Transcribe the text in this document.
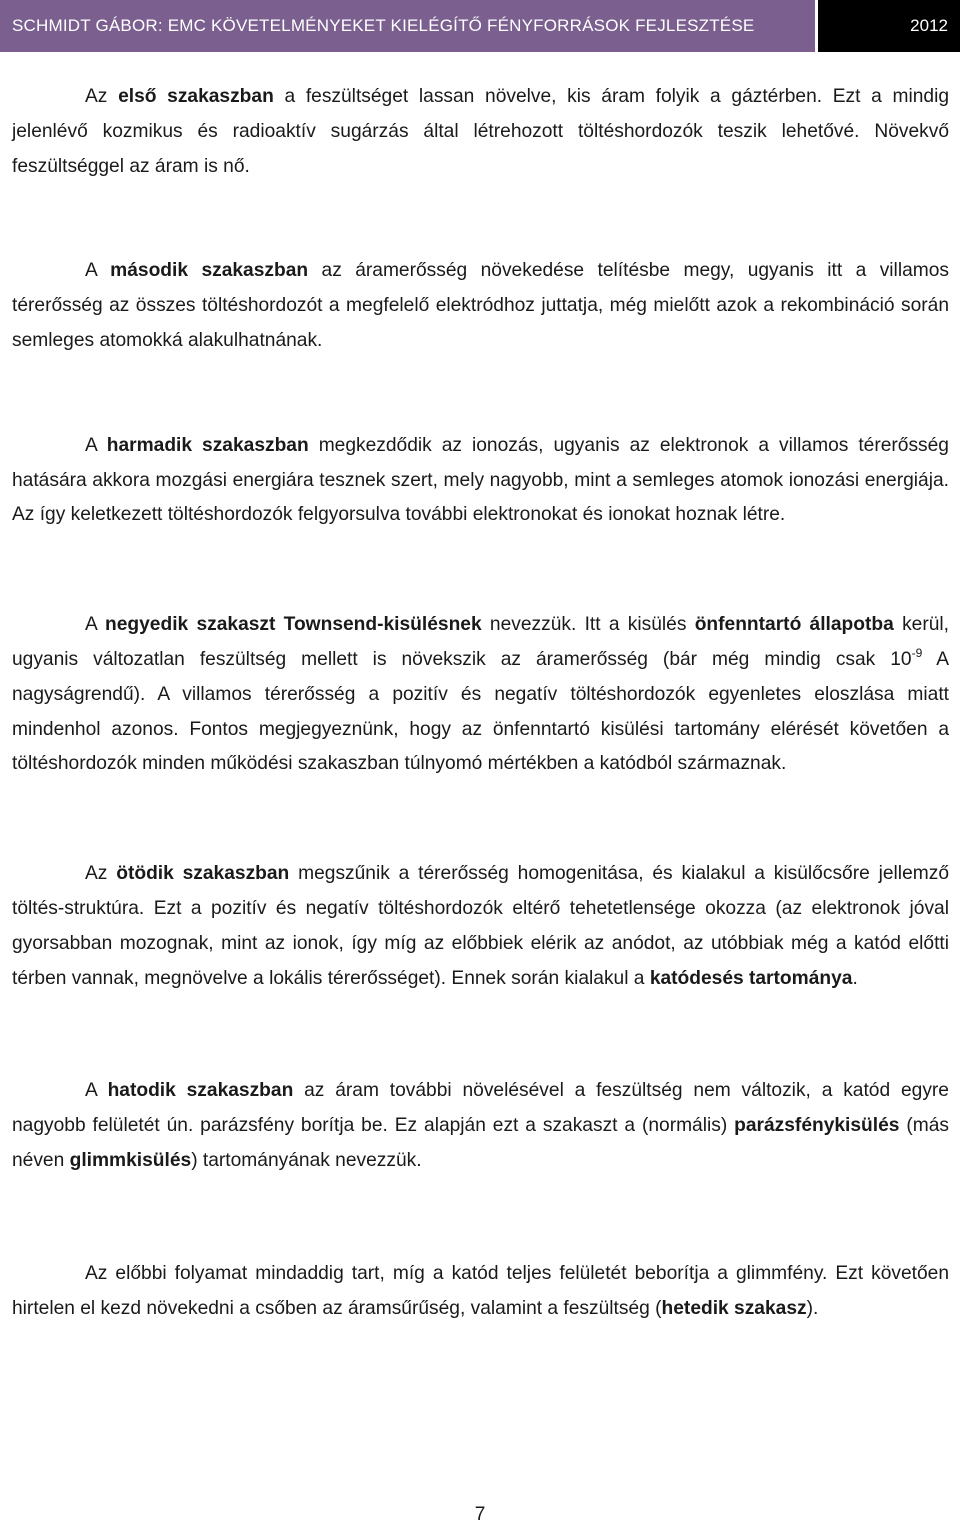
SCHMIDT GÁBOR: EMC KÖVETELMÉNYEKET KIELÉGÍTŐ FÉNYFORRÁSOK FEJLESZTÉSE	2012

Az első szakaszban a feszültséget lassan növelve, kis áram folyik a gáztérben. Ezt a mindig jelenlévő kozmikus és radioaktív sugárzás által létrehozott töltéshordozók teszik lehetővé. Növekvő feszültséggel az áram is nő.

A második szakaszban az áramerősség növekedése telítésbe megy, ugyanis itt a villamos térerősség az összes töltéshordozót a megfelelő elektródhoz juttatja, még mielőtt azok a rekombináció során semleges atomokká alakulhatnának.

A harmadik szakaszban megkezdődik az ionozás, ugyanis az elektronok a villamos térerősség hatására akkora mozgási energiára tesznek szert, mely nagyobb, mint a semleges atomok ionozási energiája. Az így keletkezett töltéshordozók felgyorsulva további elektronokat és ionokat hoznak létre.

A negyedik szakaszt Townsend-kisülésnek nevezzük. Itt a kisülés önfenntartó állapotba kerül, ugyanis változatlan feszültség mellett is növekszik az áramerősség (bár még mindig csak $10^{-9}$ A nagyságrendű). A villamos térerősség a pozitív és negatív töltéshordozók egyenletes eloszlása miatt mindenhol azonos. Fontos megjegyeznünk, hogy az önfenntartó kisülési tartomány elérését követően a töltéshordozók minden működési szakaszban túlnyomó mértékben a katódból származnak.

Az ötödik szakaszban megszűnik a térerősség homogenitása, és kialakul a kisülőcsőre jellemző töltés-struktúra. Ezt a pozitív és negatív töltéshordozók eltérő tehetetlensége okozza (az elektronok jóval gyorsabban mozognak, mint az ionok, így míg az előbbiek elérik az anódot, az utóbbiak még a katód előtti térben vannak, megnövelve a lokális térerősséget). Ennek során kialakul a katódesés tartománya.

A hatodik szakaszban az áram további növelésével a feszültség nem változik, a katód egyre nagyobb felületét ún. parázsfény borítja be. Ez alapján ezt a szakaszt a (normális) parázsfénykisülés (más néven glimmkisülés) tartományának nevezzük.

Az előbbi folyamat mindaddig tart, míg a katód teljes felületét beborítja a glimmfény. Ezt követően hirtelen el kezd növekedni a csőben az áramsűrűség, valamint a feszültség (hetedik szakasz).

7
